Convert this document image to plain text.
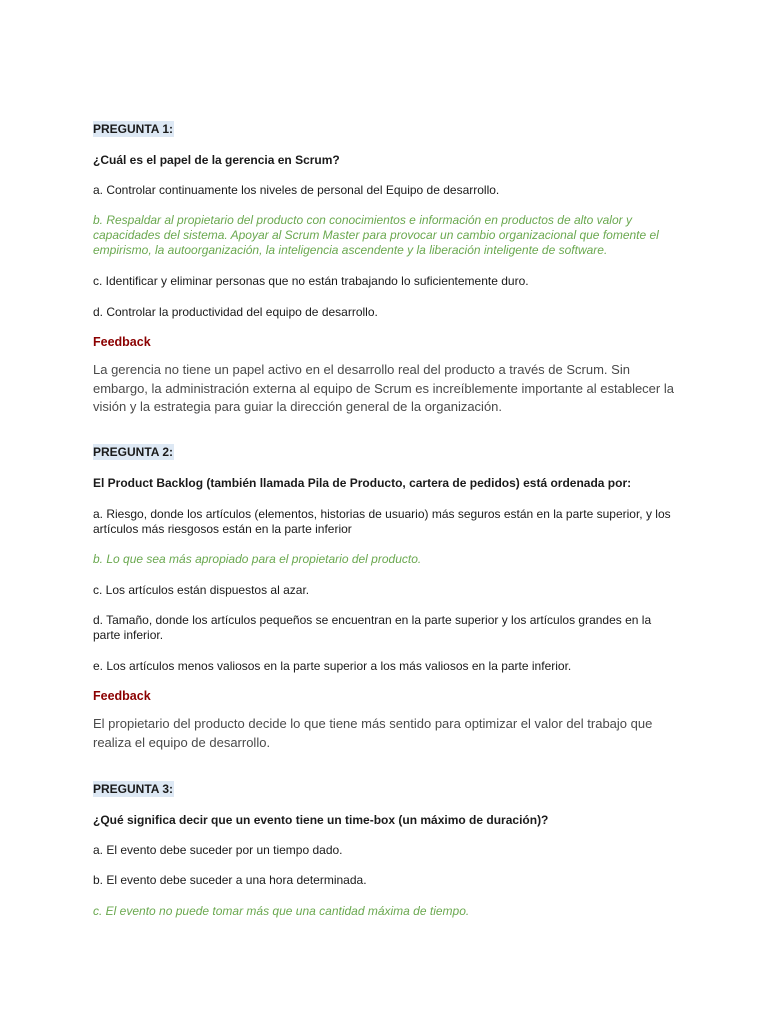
PREGUNTA 1:

¿Cuál es el papel de la gerencia en Scrum?

a. Controlar continuamente los niveles de personal del Equipo de desarrollo.

b. Respaldar al propietario del producto con conocimientos e información en productos de alto valor y capacidades del sistema. Apoyar al Scrum Master para provocar un cambio organizacional que fomente el empirismo, la autoorganización, la inteligencia ascendente y la liberación inteligente de software.

c. Identificar y eliminar personas que no están trabajando lo suficientemente duro.

d. Controlar la productividad del equipo de desarrollo.

Feedback

La gerencia no tiene un papel activo en el desarrollo real del producto a través de Scrum. Sin embargo, la administración externa al equipo de Scrum es increíblemente importante al establecer la visión y la estrategia para guiar la dirección general de la organización.

PREGUNTA 2:

El Product Backlog (también llamada Pila de Producto, cartera de pedidos) está ordenada por:

a. Riesgo, donde los artículos (elementos, historias de usuario) más seguros están en la parte superior, y los artículos más riesgosos están en la parte inferior

b. Lo que sea más apropiado para el propietario del producto.

c. Los artículos están dispuestos al azar.

d. Tamaño, donde los artículos pequeños se encuentran en la parte superior y los artículos grandes en la parte inferior.

e. Los artículos menos valiosos en la parte superior a los más valiosos en la parte inferior.

Feedback

El propietario del producto decide lo que tiene más sentido para optimizar el valor del trabajo que realiza el equipo de desarrollo.

PREGUNTA 3:

¿Qué significa decir que un evento tiene un time-box (un máximo de duración)?

a. El evento debe suceder por un tiempo dado.

b. El evento debe suceder a una hora determinada.

c. El evento no puede tomar más que una cantidad máxima de tiempo.
